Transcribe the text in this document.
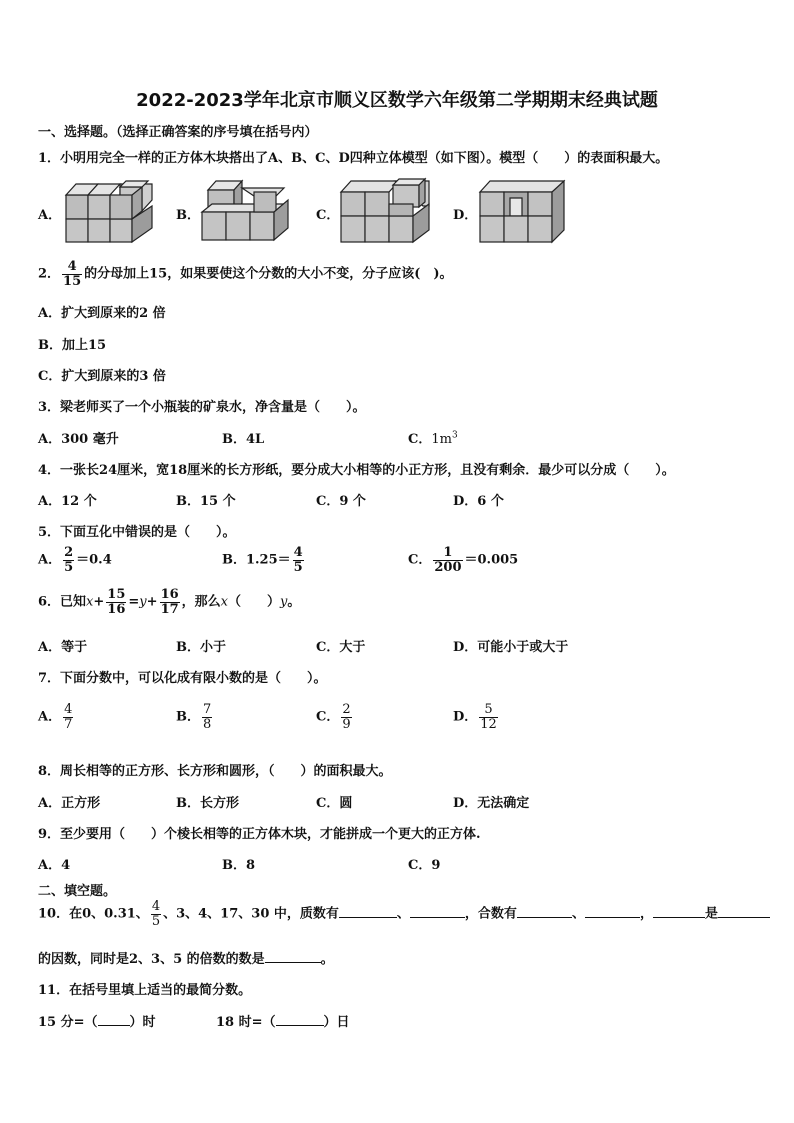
2022-2023学年北京市顺义区数学六年级第二学期期末经典试题
一、选择题。（选择正确答案的序号填在括号内）
1．小明用完全一样的正方体木块搭出了A、B、C、D四种立体模型（如下图）。模型（　　）的表面积最大。
A．	B．	C．	D．
2． $\frac{4}{15}$ 的分母加上15，如果要使这个分数的大小不变，分子应该(　)。
A．扩大到原来的2 倍
B．加上15
C．扩大到原来的3 倍
3．梁老师买了一个小瓶装的矿泉水，净含量是（　　）。
A．300 毫升	B．4L	C．$1m^3$
4．一张长24厘米，宽18厘米的长方形纸，要分成大小相等的小正方形，且没有剩余．最少可以分成（　　）。
A．12 个	B．15 个	C．9 个	D．6 个
5．下面互化中错误的是（　　）。
A． $\frac{2}{5} =0.4$	B．$1.25= \frac{4}{5}$	C． $\frac{1}{200} =0.005$
6．已知$x+ \frac{15}{16} =y+ \frac{16}{17}$ ，那么x（　　）y。
A．等于	B．小于	C．大于	D．可能小于或大于
7．下面分数中，可以化成有限小数的是（　　）。
A． $\frac{4}{7}$	B． $\frac{7}{8}$	C． $\frac{2}{9}$	D． $\frac{5}{12}$
8．周长相等的正方形、长方形和圆形，（　　）的面积最大。
A．正方形	B．长方形	C．圆	D．无法确定
9．至少要用（　　）个棱长相等的正方体木块，才能拼成一个更大的正方体.
A．4	B．8	C．9
二、填空题。
10．在0、0.31、 $\frac{4}{5}$ 、3、4、17、30 中，质数有	、	，合数有	、	，	是
的因数，同时是2、3、5 的倍数的数是	。
11．在括号里填上适当的最简分数。
15 分=（ ）时	18 时=（	）日
